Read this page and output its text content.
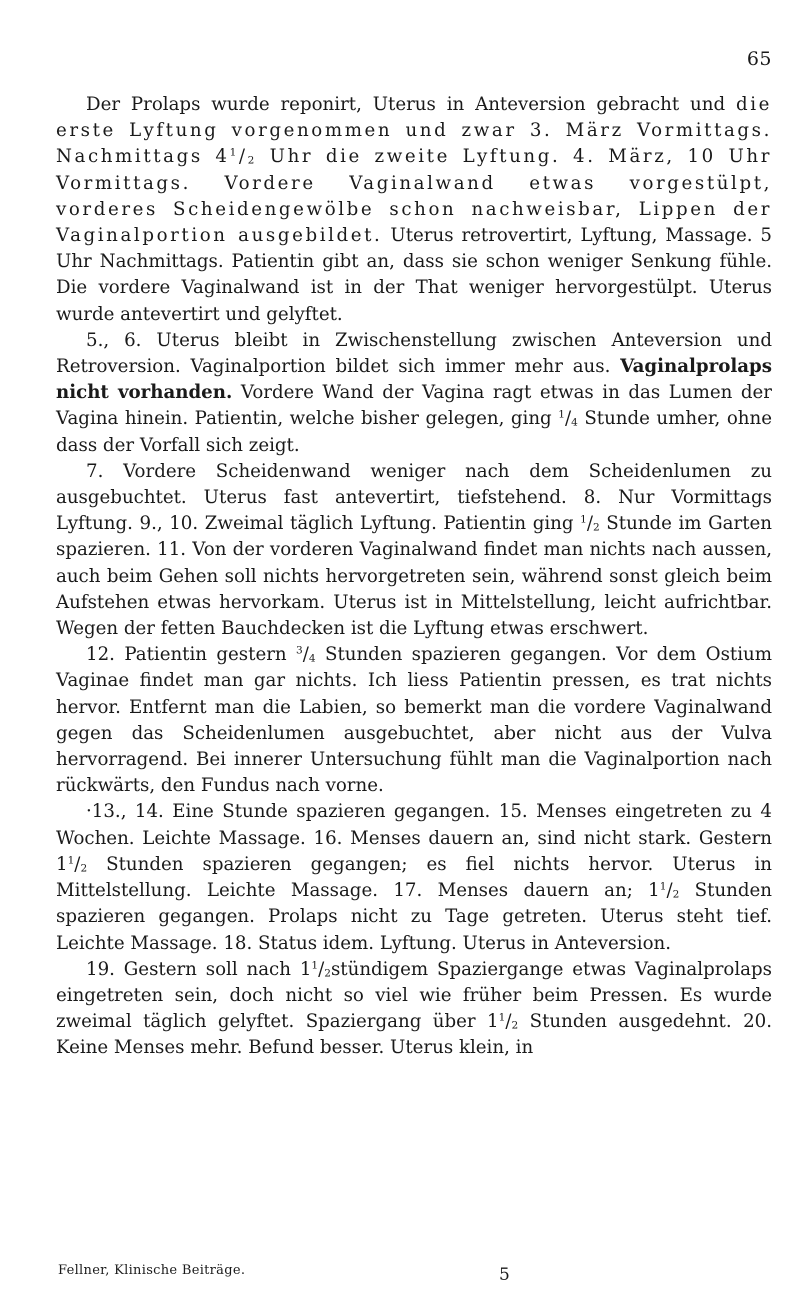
65

Der Prolaps wurde reponirt, Uterus in Anteversion gebracht und die erste Lyftung vorgenommen und zwar 3. März Vormittags. Nachmittags $4^1/_2$ Uhr die zweite Lyftung. 4. März, 10 Uhr Vormittags. Vordere Vaginalwand etwas vorgestülpt, vorderes Scheidengewölbe schon nachweisbar, Lippen der Vaginalportion ausgebildet. Uterus retrovertirt, Lyftung, Massage. 5 Uhr Nachmittags. Patientin gibt an, dass sie schon weniger Senkung fühle. Die vordere Vaginalwand ist in der That weniger hervorgestülpt. Uterus wurde antevertirt und gelyftet.

5., 6. Uterus bleibt in Zwischenstellung zwischen Anteversion und Retroversion. Vaginalportion bildet sich immer mehr aus. Vaginalprolaps nicht vorhanden. Vordere Wand der Vagina ragt etwas in das Lumen der Vagina hinein. Patientin, welche bisher gelegen, ging $^1/_4$ Stunde umher, ohne dass der Vorfall sich zeigt.

7. Vordere Scheidenwand weniger nach dem Scheidenlumen zu ausgebuchtet. Uterus fast antevertirt, tiefstehend. 8. Nur Vormittags Lyftung. 9., 10. Zweimal täglich Lyftung. Patientin ging $^1/_2$ Stunde im Garten spazieren. 11. Von der vorderen Vaginalwand findet man nichts nach aussen, auch beim Gehen soll nichts hervorgetreten sein, während sonst gleich beim Aufstehen etwas hervorkam. Uterus ist in Mittelstellung, leicht aufrichtbar. Wegen der fetten Bauchdecken ist die Lyftung etwas erschwert.

12. Patientin gestern $^3/_4$ Stunden spazieren gegangen. Vor dem Ostium Vaginae findet man gar nichts. Ich liess Patientin pressen, es trat nichts hervor. Entfernt man die Labien, so bemerkt man die vordere Vaginalwand gegen das Scheidenlumen ausgebuchtet, aber nicht aus der Vulva hervorragend. Bei innerer Untersuchung fühlt man die Vaginalportion nach rückwärts, den Fundus nach vorne.

·13., 14. Eine Stunde spazieren gegangen. 15. Menses eingetreten zu 4 Wochen. Leichte Massage. 16. Menses dauern an, sind nicht stark. Gestern $1^1/_2$ Stunden spazieren gegangen; es fiel nichts hervor. Uterus in Mittelstellung. Leichte Massage. 17. Menses dauern an; $1^1/_2$ Stunden spazieren gegangen. Prolaps nicht zu Tage getreten. Uterus steht tief. Leichte Massage. 18. Status idem. Lyftung. Uterus in Anteversion.

19. Gestern soll nach $1^1/_2stündigem$ Spaziergange etwas Vaginalprolaps eingetreten sein, doch nicht so viel wie früher beim Pressen. Es wurde zweimal täglich gelyftet. Spaziergang über $1^1/_2$ Stunden ausgedehnt. 20. Keine Menses mehr. Befund besser. Uterus klein, in

Fellner, Klinische Beiträge.	5
